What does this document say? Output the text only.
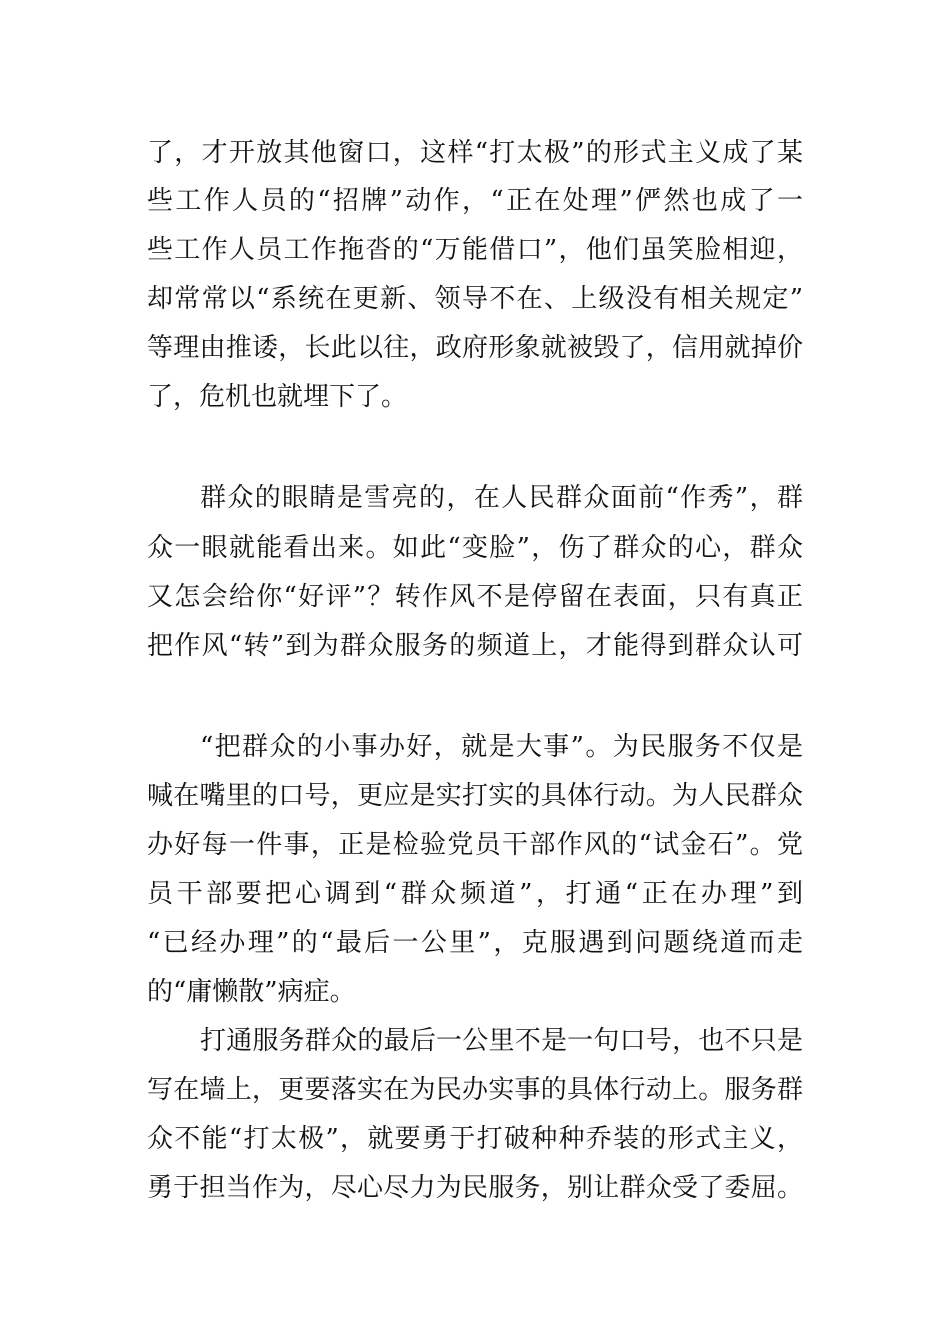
了，才开放其他窗口，这样“打太极”的形式主义成了某
些工作人员的“招牌”动作，“正在处理”俨然也成了一
些工作人员工作拖沓的“万能借口”，他们虽笑脸相迎，
却常常以“系统在更新、领导不在、上级没有相关规定”
等理由推诿，长此以往，政府形象就被毁了，信用就掉价
了，危机也就埋下了。
群众的眼睛是雪亮的，在人民群众面前“作秀”，群
众一眼就能看出来。如此“变脸”，伤了群众的心，群众
又怎会给你“好评”？转作风不是停留在表面，只有真正
把作风“转”到为群众服务的频道上，才能得到群众认可
“把群众的小事办好，就是大事”。为民服务不仅是
喊在嘴里的口号，更应是实打实的具体行动。为人民群众
办好每一件事，正是检验党员干部作风的“试金石”。党
员干部要把心调到“群众频道”，打通“正在办理”到
“已经办理”的“最后一公里”，克服遇到问题绕道而走
的“庸懒散”病症。
打通服务群众的最后一公里不是一句口号，也不只是
写在墙上，更要落实在为民办实事的具体行动上。服务群
众不能“打太极”，就要勇于打破种种乔装的形式主义，
勇于担当作为，尽心尽力为民服务，别让群众受了委屈。
